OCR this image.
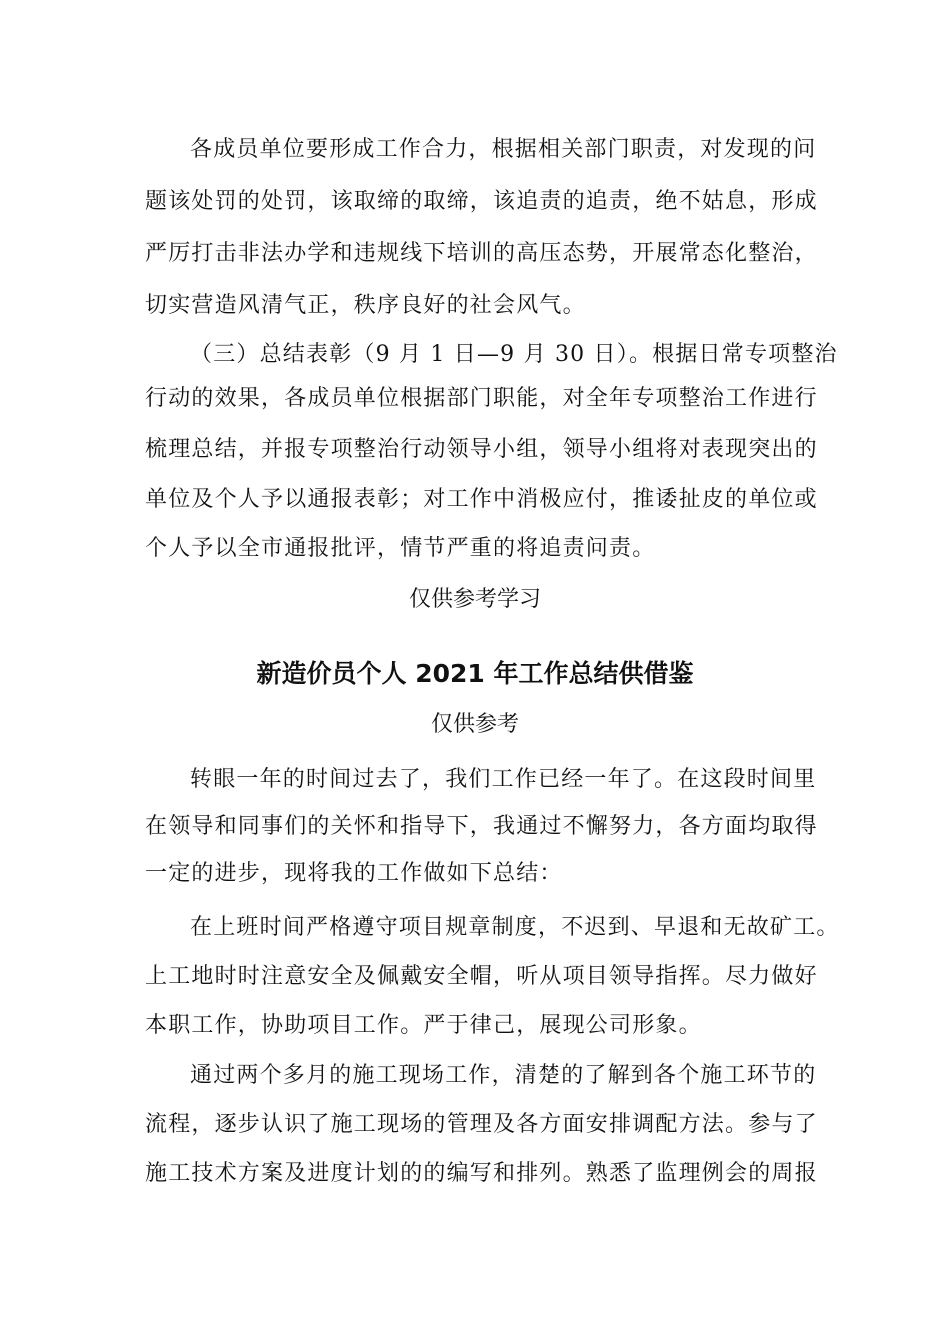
各成员单位要形成工作合力，根据相关部门职责，对发现的问
题该处罚的处罚，该取缔的取缔，该追责的追责，绝不姑息，形成
严厉打击非法办学和违规线下培训的高压态势，开展常态化整治，
切实营造风清气正，秩序良好的社会风气。
（三）总结表彰（9 月 1 日—9 月 30 日）。根据日常专项整治
行动的效果，各成员单位根据部门职能，对全年专项整治工作进行
梳理总结，并报专项整治行动领导小组，领导小组将对表现突出的
单位及个人予以通报表彰；对工作中消极应付，推诿扯皮的单位或
个人予以全市通报批评，情节严重的将追责问责。
仅供参考学习
新造价员个人 2021 年工作总结供借鉴
仅供参考
转眼一年的时间过去了，我们工作已经一年了。在这段时间里
在领导和同事们的关怀和指导下，我通过不懈努力，各方面均取得
一定的进步，现将我的工作做如下总结：
在上班时间严格遵守项目规章制度，不迟到、早退和无故矿工。
上工地时时注意安全及佩戴安全帽，听从项目领导指挥。尽力做好
本职工作，协助项目工作。严于律己，展现公司形象。
通过两个多月的施工现场工作，清楚的了解到各个施工环节的
流程，逐步认识了施工现场的管理及各方面安排调配方法。参与了
施工技术方案及进度计划的的编写和排列。熟悉了监理例会的周报
